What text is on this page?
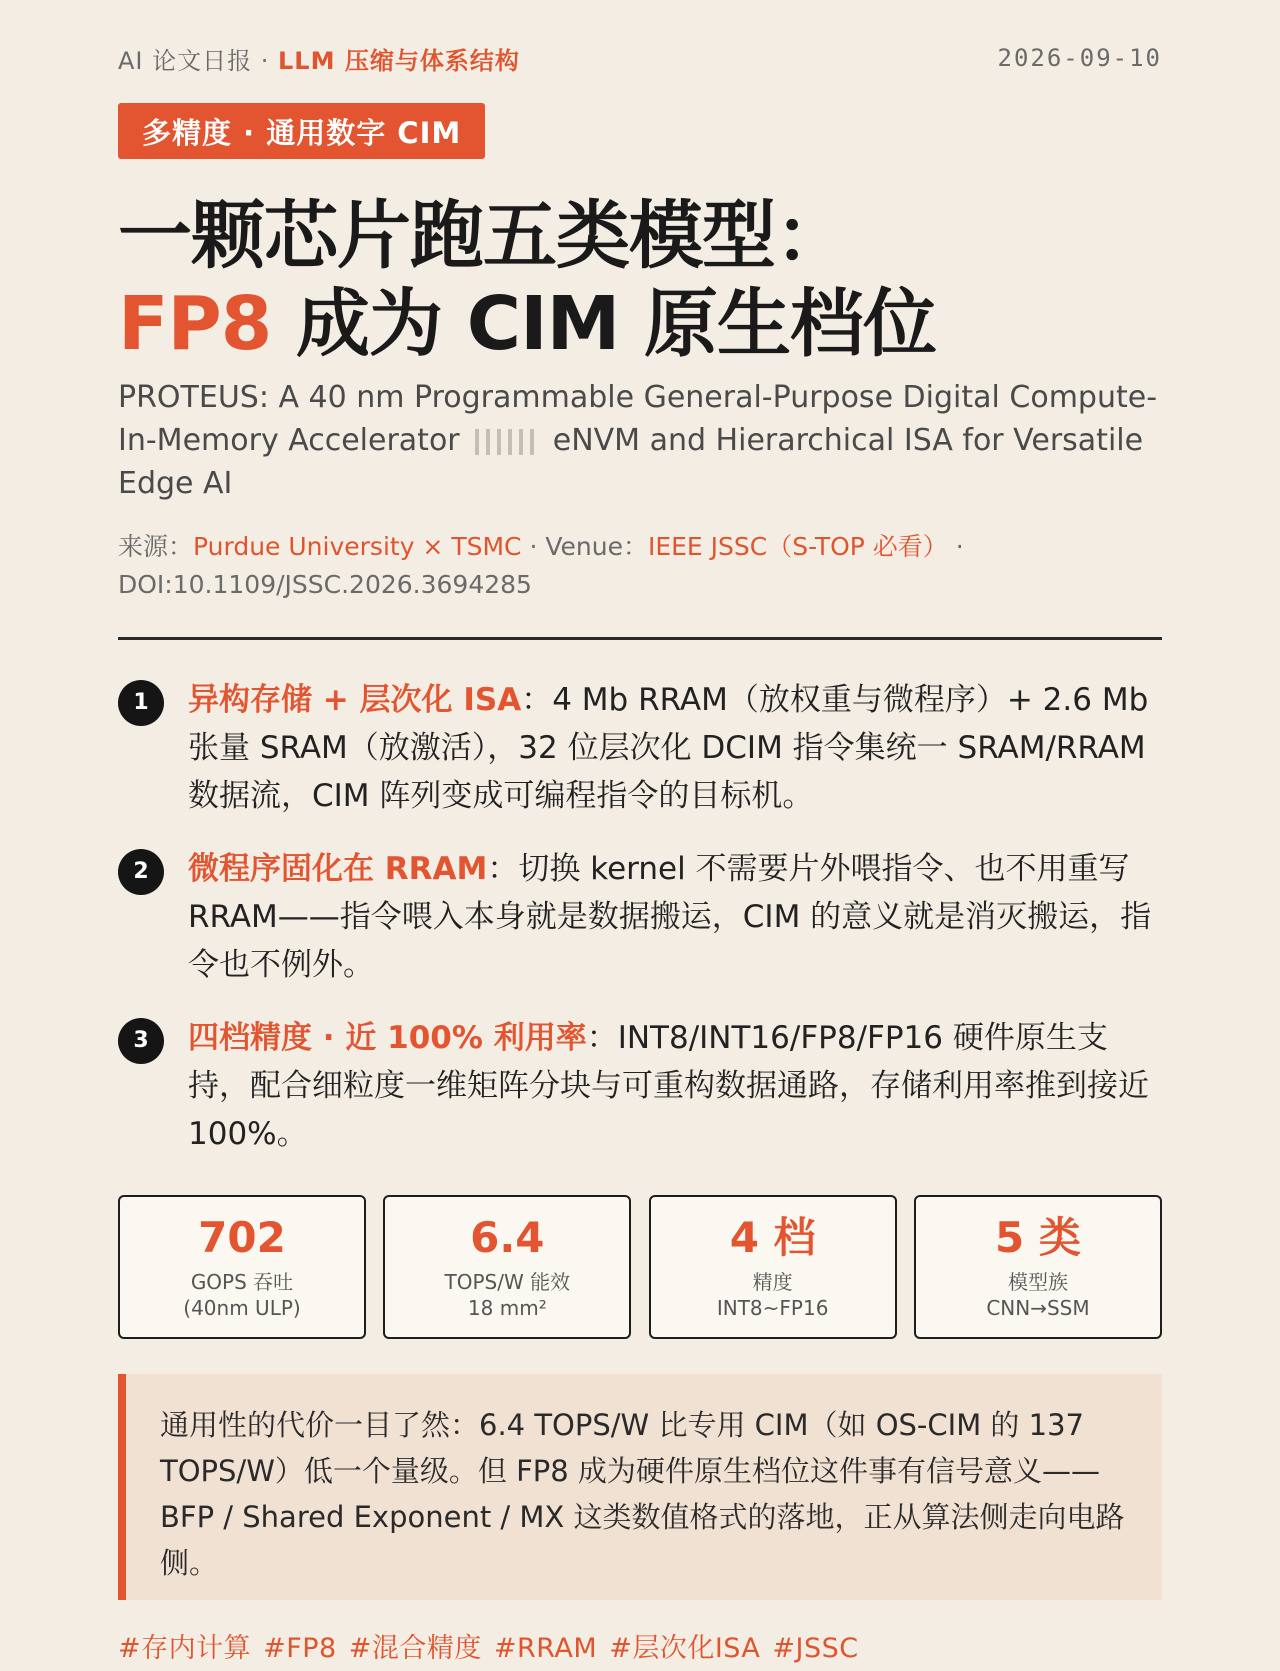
AI 论文日报 · LLM 压缩与体系结构	2026-09-10
多精度 · 通用数字 CIM
一颗芯片跑五类模型：
FP8 成为 CIM 原生档位

PROTEUS: A 40 nm Programmable General-Purpose Digital Compute-In-Memory Accelerator	eNVM and Hierarchical ISA for Versatile Edge AI

来源：Purdue University × TSMC · Venue：IEEE JSSC（S-TOP 必看） ·
DOI:10.1109/JSSC.2026.3694285

1	异构存储 + 层次化 ISA：4 Mb RRAM（放权重与微程序）+ 2.6 Mb 张量 SRAM（放激活），32 位层次化 DCIM 指令集统一 SRAM/RRAM 数据流，CIM 阵列变成可编程指令的目标机。
2	微程序固化在 RRAM：切换 kernel 不需要片外喂指令、也不用重写 RRAM——指令喂入本身就是数据搬运，CIM 的意义就是消灭搬运，指令也不例外。
3	四档精度 · 近 100% 利用率：INT8/INT16/FP8/FP16 硬件原生支持，配合细粒度一维矩阵分块与可重构数据通路，存储利用率推到接近 100%。
702
GOPS 吞吐
(40nm ULP)
6.4
TOPS/W 能效
18 mm²
4 档
精度
INT8~FP16
5 类
模型族
CNN→SSM
通用性的代价一目了然：6.4 TOPS/W 比专用 CIM（如 OS-CIM 的 137 TOPS/W）低一个量级。但 FP8 成为硬件原生档位这件事有信号意义——BFP / Shared Exponent / MX 这类数值格式的落地，正从算法侧走向电路侧。
#存内计算 #FP8 #混合精度 #RRAM #层次化ISA #JSSC
